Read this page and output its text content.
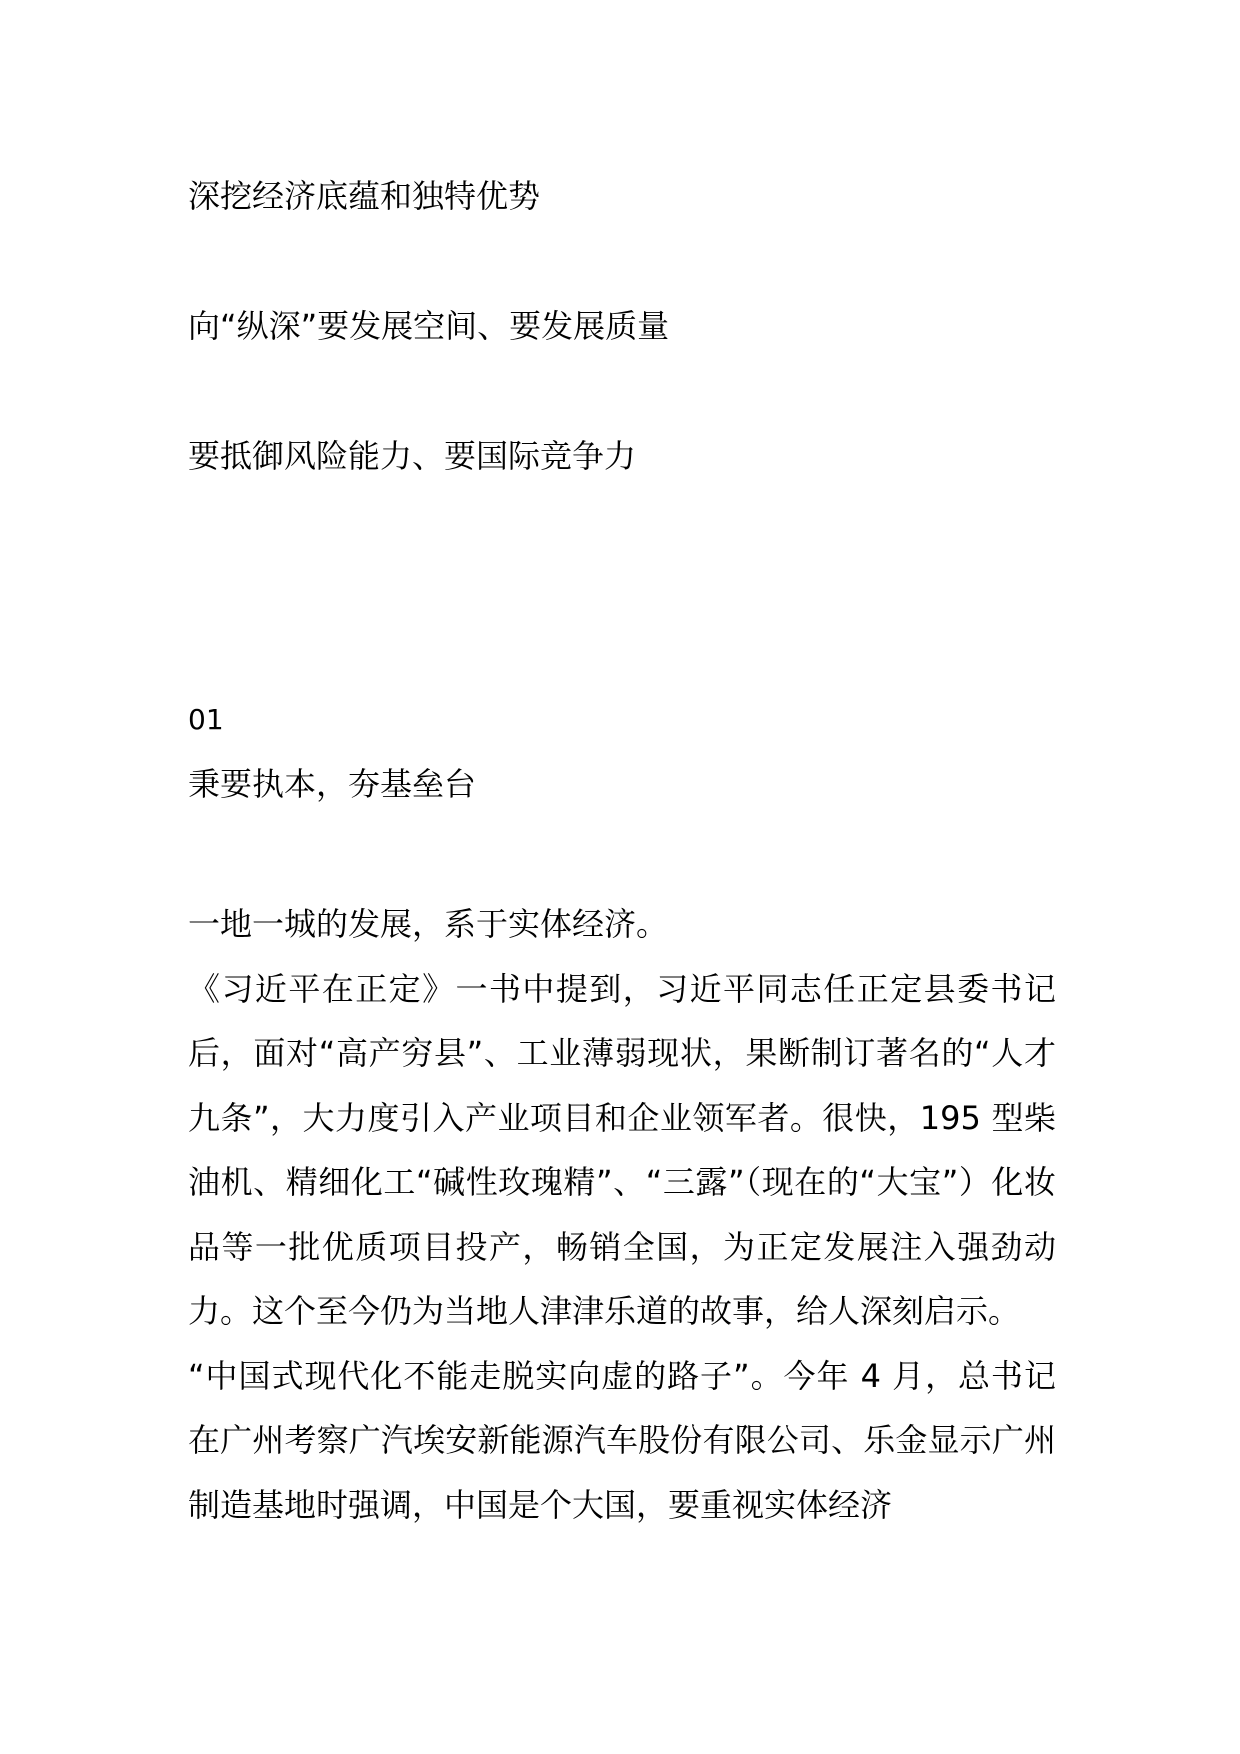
深挖经济底蕴和独特优势
向“纵深”要发展空间、要发展质量
要抵御风险能力、要国际竞争力
01
秉要执本，夯基垒台

一地一城的发展，系于实体经济。

《习近平在正定》一书中提到，习近平同志任正定县委书记后，面对“高产穷县”、工业薄弱现状，果断制订著名的“人才九条”，大力度引入产业项目和企业领军者。很快，195 型柴油机、精细化工“碱性玫瑰精”、“三露”（现在的“大宝”）化妆品等一批优质项目投产，畅销全国，为正定发展注入强劲动力。这个至今仍为当地人津津乐道的故事，给人深刻启示。

“中国式现代化不能走脱实向虚的路子”。今年 4 月，总书记在广州考察广汽埃安新能源汽车股份有限公司、乐金显示广州制造基地时强调，中国是个大国，要重视实体经济
